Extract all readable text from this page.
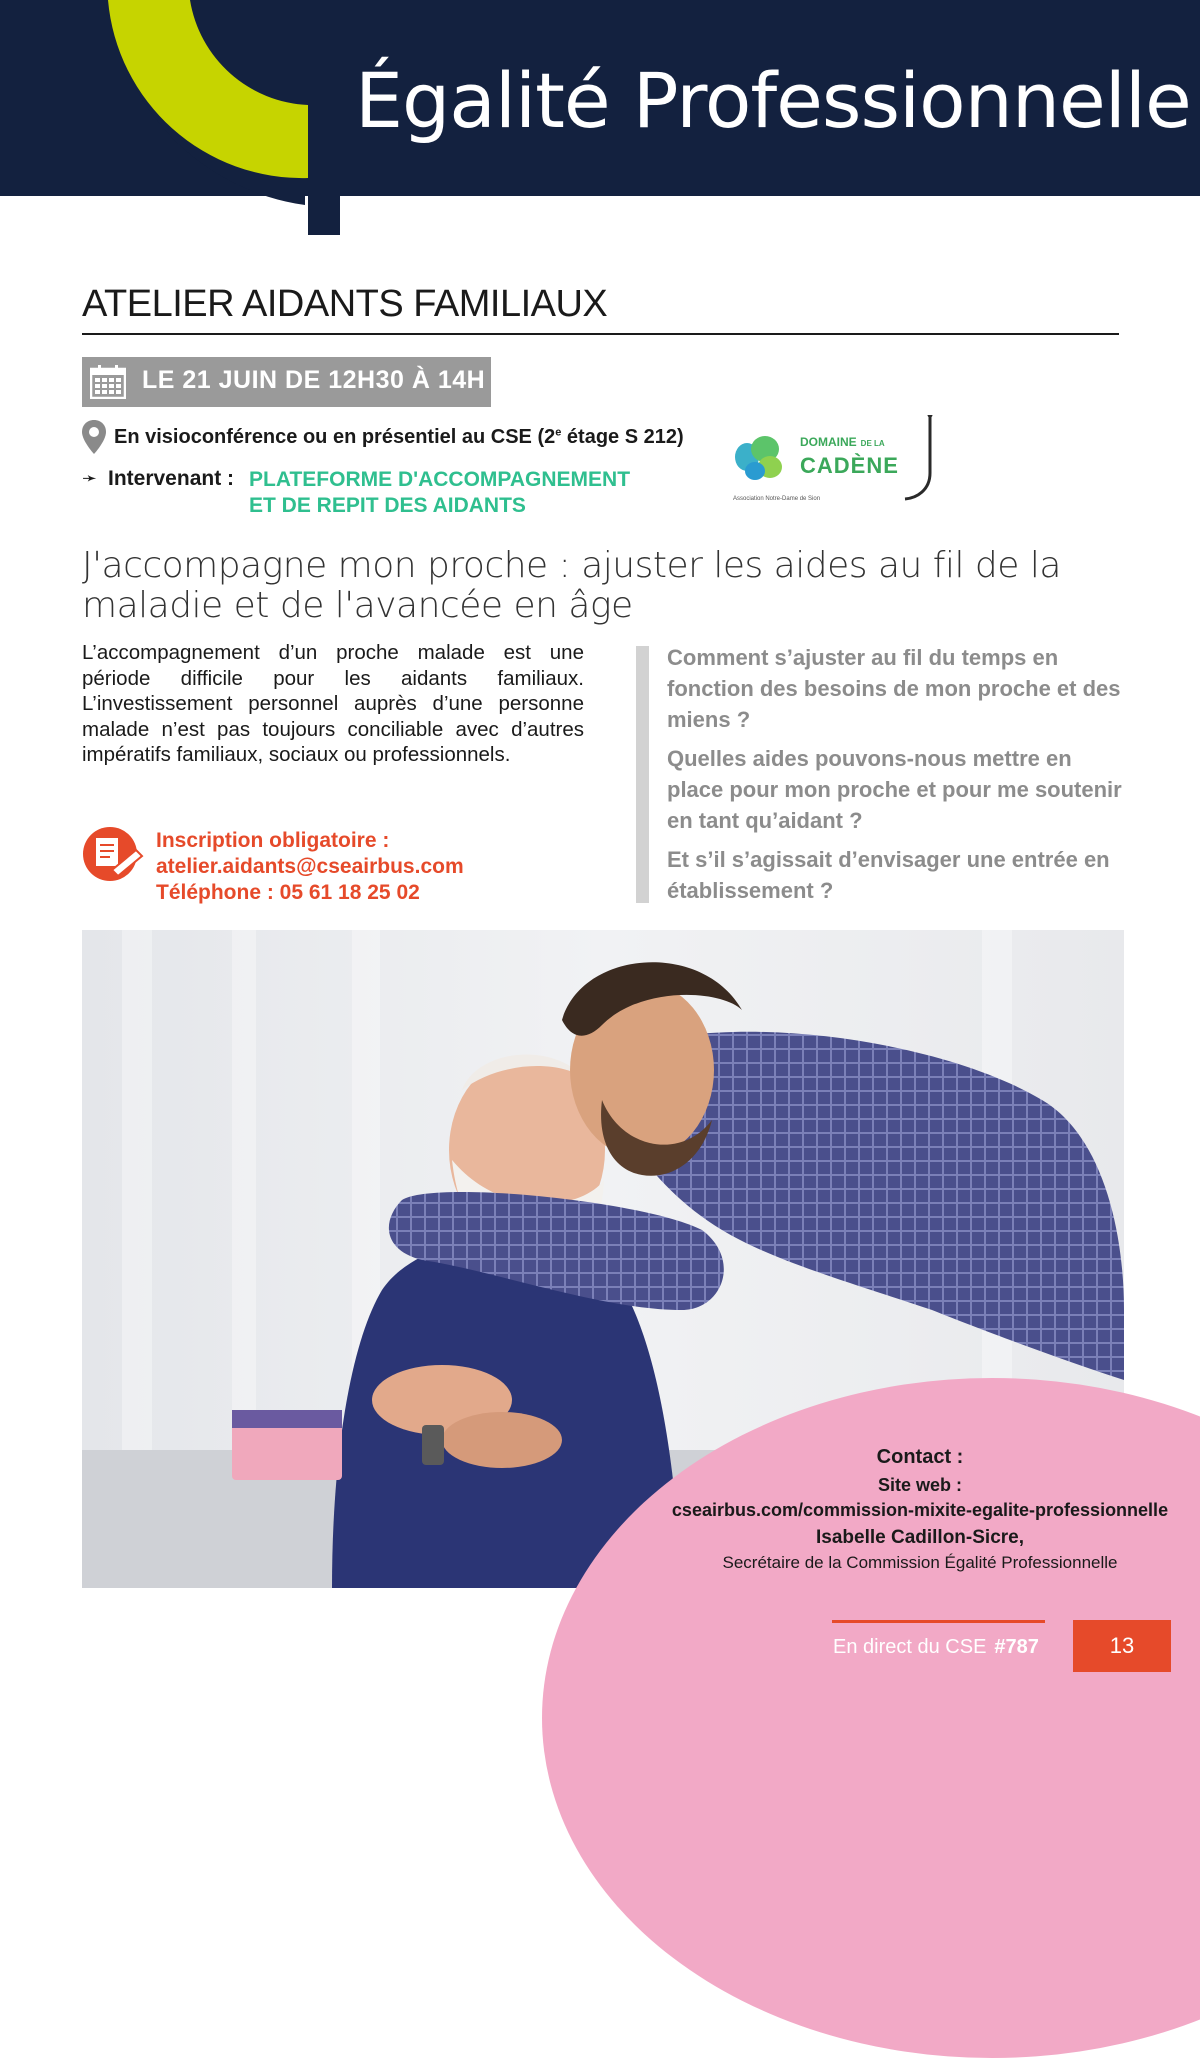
Égalité Professionnelle
ATELIER AIDANTS FAMILIAUX
LE 21 JUIN DE 12H30 À 14H
En visioconférence ou en présentiel au CSE (2e étage S 212)
➛ Intervenant : PLATEFORME D'ACCOMPAGNEMENT
ET DE REPIT DES AIDANTS
DOMAINE DE LA
CADÈNE
Association Notre-Dame de Sion
J'accompagne mon proche : ajuster les aides au fil de la maladie et de l'avancée en âge
L’accompagnement d’un proche malade est une période difficile pour les aidants familiaux. L’investissement personnel auprès d’une personne malade n’est pas toujours conciliable avec d’autres impératifs familiaux, sociaux ou professionnels.
Inscription obligatoire :
atelier.aidants@cseairbus.com
Téléphone : 05 61 18 25 02

Comment s’ajuster au fil du temps en fonction des besoins de mon proche et des miens ?

Quelles aides pouvons-nous mettre en place pour mon proche et pour me soutenir en tant qu’aidant ?

Et s’il s’agissait d’envisager une entrée en établissement ?

Contact :
Site web :
cseairbus.com/commission-mixite-egalite-professionnelle
Isabelle Cadillon-Sicre,
Secrétaire de la Commission Égalité Professionnelle
En direct du CSE #787	13
